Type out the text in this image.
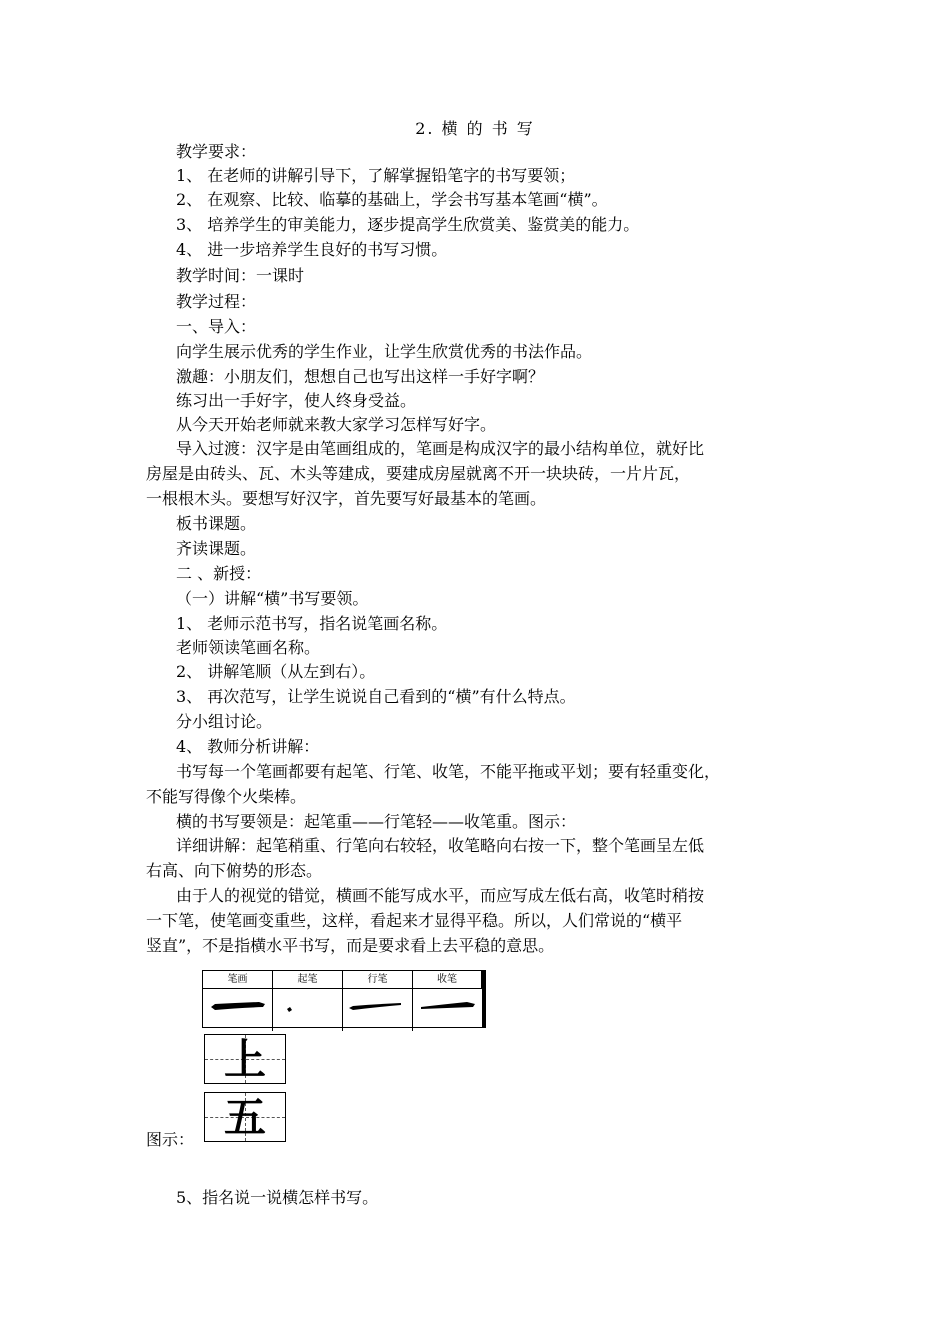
2. 横 的 书 写
教学要求：
1、 在老师的讲解引导下，了解掌握铅笔字的书写要领；
2、 在观察、比较、临摹的基础上，学会书写基本笔画“横”。
3、 培养学生的审美能力，逐步提高学生欣赏美、鉴赏美的能力。
4、 进一步培养学生良好的书写习惯。
教学时间：一课时
教学过程：
一、导入：
向学生展示优秀的学生作业，让学生欣赏优秀的书法作品。
激趣：小朋友们，想想自己也写出这样一手好字啊？
练习出一手好字，使人终身受益。
从今天开始老师就来教大家学习怎样写好字。
导入过渡：汉字是由笔画组成的，笔画是构成汉字的最小结构单位，就好比
房屋是由砖头、瓦、木头等建成，要建成房屋就离不开一块块砖，一片片瓦，
一根根木头。要想写好汉字，首先要写好最基本的笔画。
板书课题。
齐读课题。
二 、新授：
（一）讲解“横”书写要领。
1、 老师示范书写，指名说笔画名称。
老师领读笔画名称。
2、 讲解笔顺（从左到右）。
3、 再次范写，让学生说说自己看到的“横”有什么特点。
分小组讨论。
4、 教师分析讲解：
书写每一个笔画都要有起笔、行笔、收笔，不能平拖或平划；要有轻重变化，
不能写得像个火柴棒。
横的书写要领是：起笔重——行笔轻——收笔重。图示：
详细讲解：起笔稍重、行笔向右较轻，收笔略向右按一下，整个笔画呈左低
右高、向下俯势的形态。
由于人的视觉的错觉，横画不能写成水平，而应写成左低右高，收笔时稍按
一下笔，使笔画变重些，这样，看起来才显得平稳。所以，人们常说的“横平
竖直”，不是指横水平书写，而是要求看上去平稳的意思。
笔画	起笔	行笔	收笔
上
五
图示：
5、指名说一说横怎样书写。
